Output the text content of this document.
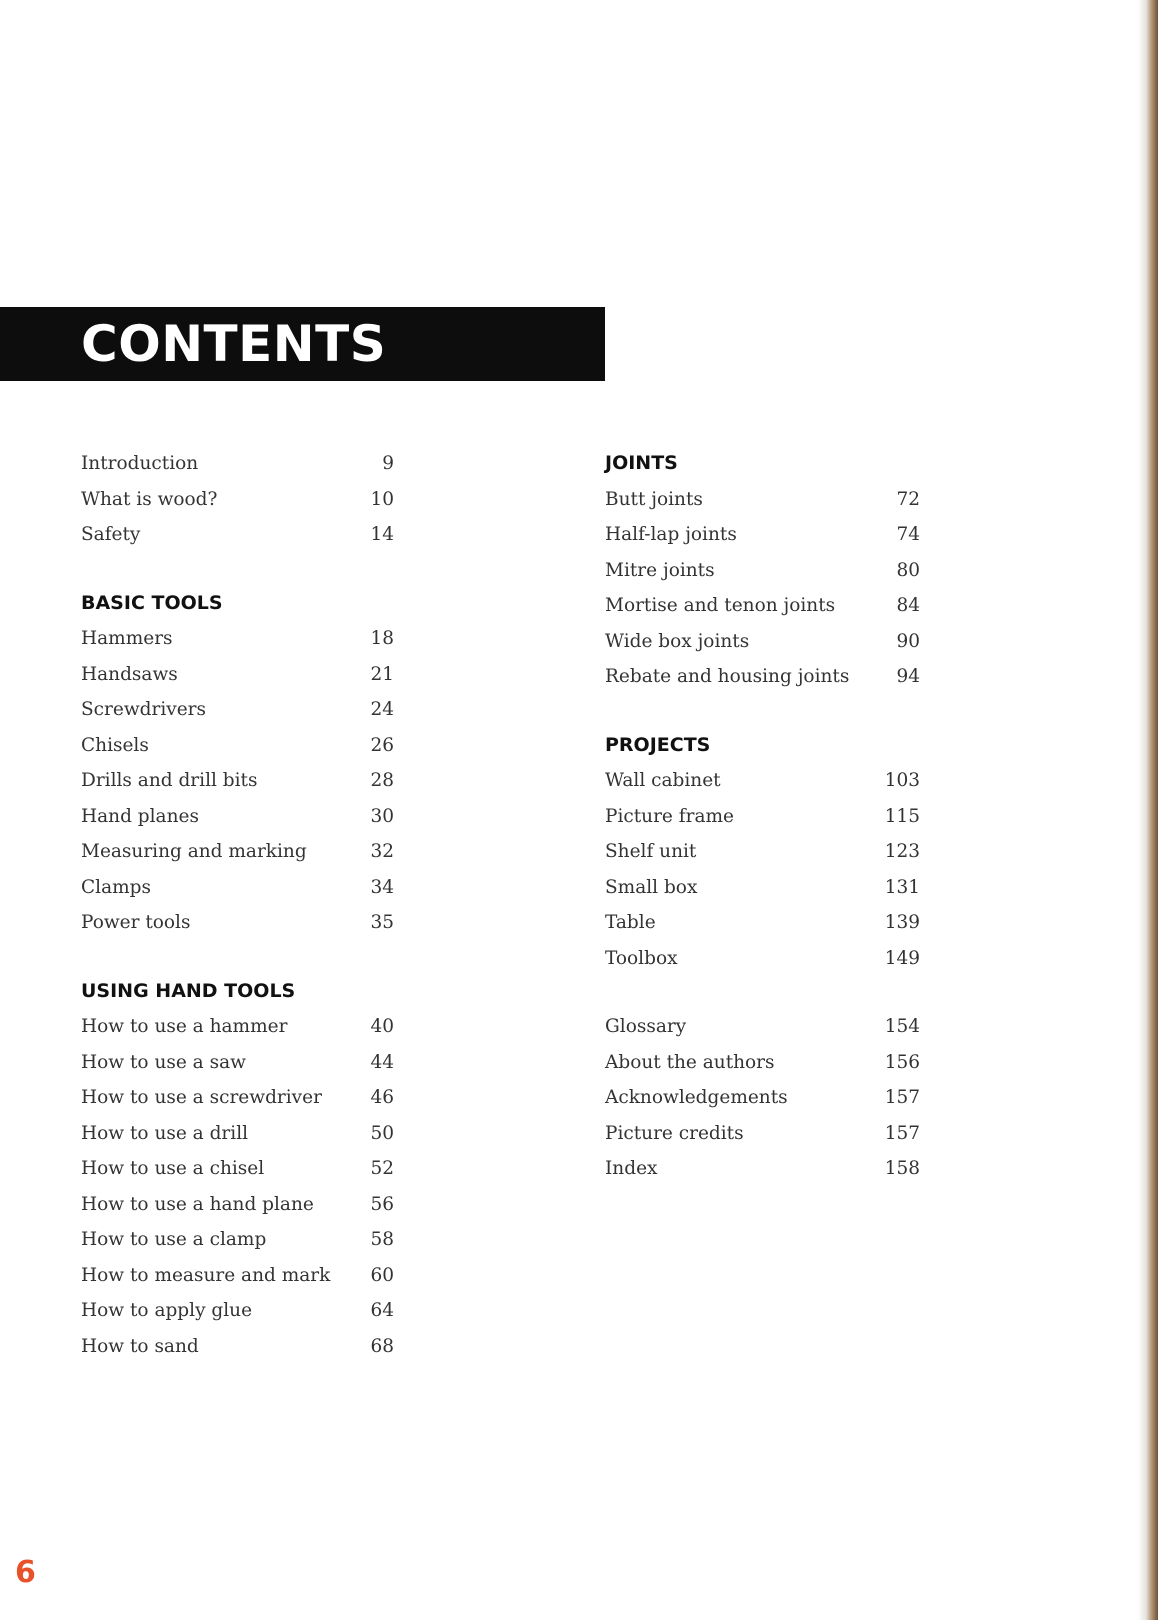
CONTENTS
Introduction	9
What is wood?	10
Safety	14
BASIC TOOLS
Hammers	18
Handsaws	21
Screwdrivers	24
Chisels	26
Drills and drill bits	28
Hand planes	30
Measuring and marking	32
Clamps	34
Power tools	35
USING HAND TOOLS
How to use a hammer	40
How to use a saw	44
How to use a screwdriver	46
How to use a drill	50
How to use a chisel	52
How to use a hand plane	56
How to use a clamp	58
How to measure and mark 60
How to apply glue	64
How to sand	68
JOINTS
Butt joints	72
Half-lap joints	74
Mitre joints	80
Mortise and tenon joints	84
Wide box joints	90
Rebate and housing joints	94
PROJECTS
Wall cabinet	103
Picture frame	115
Shelf unit	123
Small box	131
Table	139
Toolbox	149
Glossary	154
About the authors	156
Acknowledgements	157
Picture credits	157
Index	158
6
